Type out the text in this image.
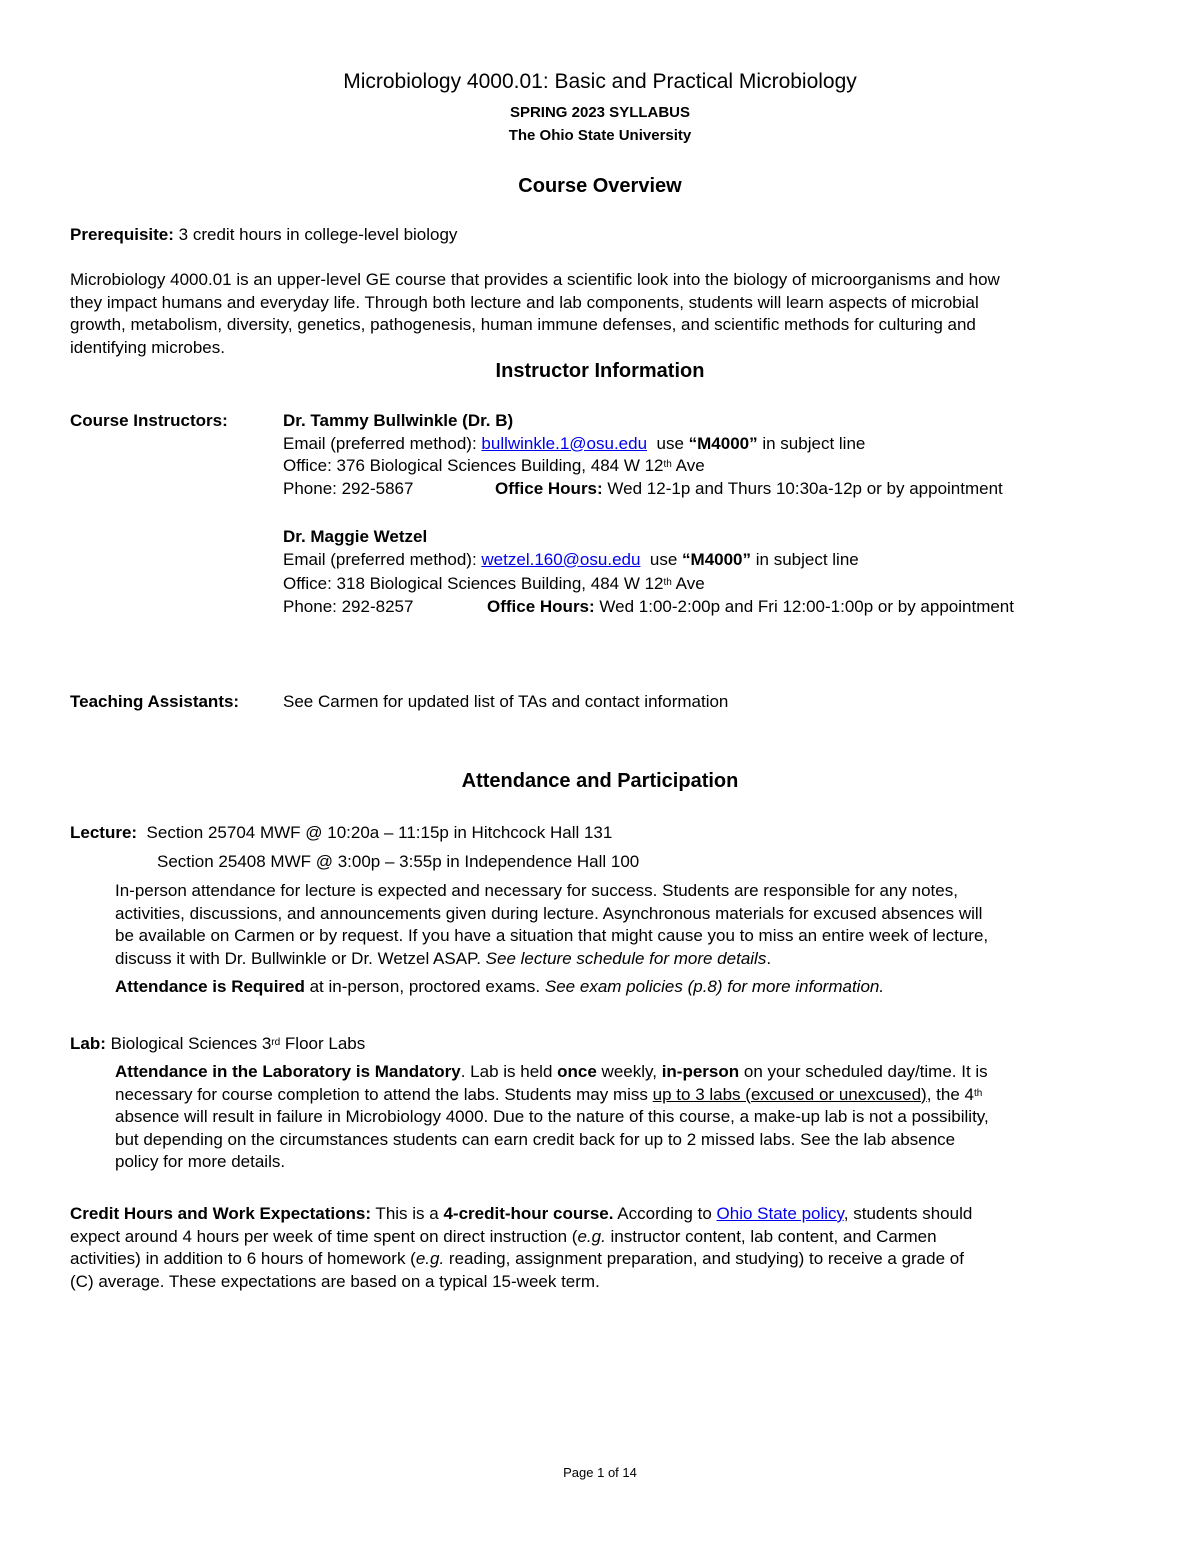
Microbiology 4000.01: Basic and Practical Microbiology
SPRING 2023 SYLLABUS
The Ohio State University
Course Overview
Prerequisite: 3 credit hours in college-level biology
Microbiology 4000.01 is an upper-level GE course that provides a scientific look into the biology of microorganisms and how
they impact humans and everyday life. Through both lecture and lab components, students will learn aspects of microbial
growth, metabolism, diversity, genetics, pathogenesis, human immune defenses, and scientific methods for culturing and
identifying microbes.
Instructor Information
Course Instructors:	Dr. Tammy Bullwinkle (Dr. B)
Email (preferred method): bullwinkle.1@osu.edu use “M4000” in subject line
Office: 376 Biological Sciences Building, 484 W 12th Ave
Phone: 292-5867	Office Hours: Wed 12-1p and Thurs 10:30a-12p or by appointment
Dr. Maggie Wetzel
Email (preferred method): wetzel.160@osu.edu use “M4000” in subject line
Office: 318 Biological Sciences Building, 484 W 12th Ave
Phone: 292-8257	Office Hours: Wed 1:00-2:00p and Fri 12:00-1:00p or by appointment
Teaching Assistants:	See Carmen for updated list of TAs and contact information
Attendance and Participation
Lecture: Section 25704 MWF @ 10:20a – 11:15p in Hitchcock Hall 131
Section 25408 MWF @ 3:00p – 3:55p in Independence Hall 100
In-person attendance for lecture is expected and necessary for success. Students are responsible for any notes,
activities, discussions, and announcements given during lecture. Asynchronous materials for excused absences will
be available on Carmen or by request. If you have a situation that might cause you to miss an entire week of lecture,
discuss it with Dr. Bullwinkle or Dr. Wetzel ASAP. See lecture schedule for more details.
Attendance is Required at in-person, proctored exams. See exam policies (p.8) for more information.
Lab: Biological Sciences 3rd Floor Labs
Attendance in the Laboratory is Mandatory. Lab is held once weekly, in-person on your scheduled day/time. It is
necessary for course completion to attend the labs. Students may miss up to 3 labs (excused or unexcused), the 4th
absence will result in failure in Microbiology 4000. Due to the nature of this course, a make-up lab is not a possibility,
but depending on the circumstances students can earn credit back for up to 2 missed labs. See the lab absence
policy for more details.
Credit Hours and Work Expectations: This is a 4-credit-hour course. According to Ohio State policy, students should
expect around 4 hours per week of time spent on direct instruction (e.g. instructor content, lab content, and Carmen
activities) in addition to 6 hours of homework (e.g. reading, assignment preparation, and studying) to receive a grade of
(C) average. These expectations are based on a typical 15-week term.
Page 1 of 14
